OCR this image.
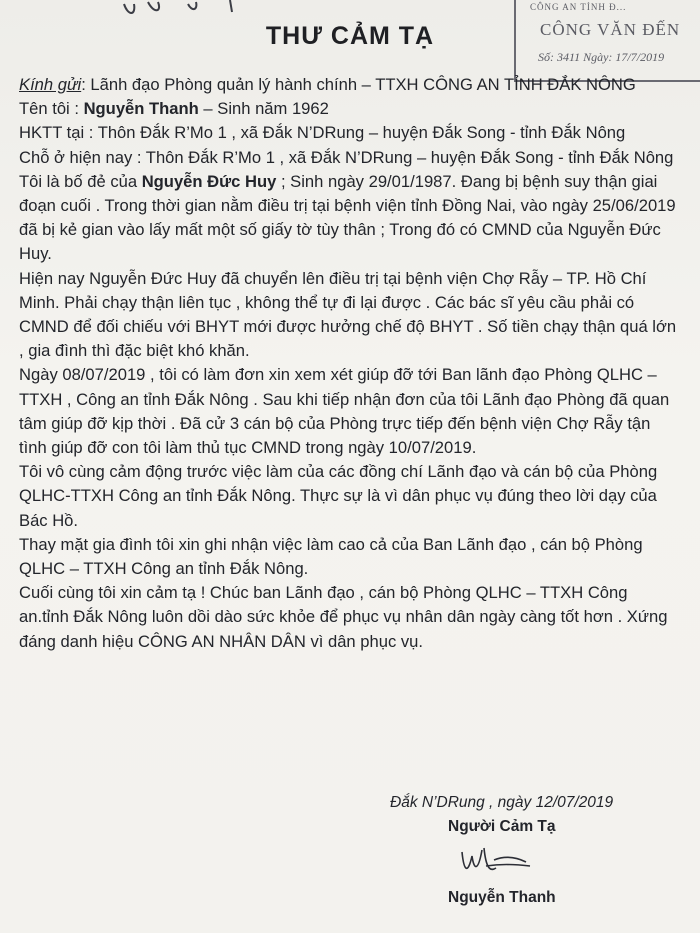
CÔNG AN TỈNH Đ...
CÔNG VĂN ĐẾN
Số: 3411 Ngày: 17/7/2019
THƯ CẢM TẠ

Kính gửi: Lãnh đạo Phòng quản lý hành chính – TTXH CÔNG AN TỈNH ĐẮK NÔNG

Tên tôi : Nguyễn Thanh – Sinh năm 1962

HKTT tại : Thôn Đắk R’Mo 1 , xã Đắk N’DRung – huyện Đắk Song - tỉnh Đắk Nông

Chỗ ở hiện nay : Thôn Đắk R’Mo 1 , xã Đắk N’DRung – huyện Đắk Song - tỉnh Đắk Nông

Tôi là bố đẻ của Nguyễn Đức Huy ; Sinh ngày 29/01/1987. Đang bị bệnh suy thận giai đoạn cuối . Trong thời gian nằm điều trị tại bệnh viện tỉnh Đồng Nai, vào ngày 25/06/2019 đã bị kẻ gian vào lấy mất một số giấy tờ tùy thân ; Trong đó có CMND của Nguyễn Đức Huy.

Hiện nay Nguyễn Đức Huy đã chuyển lên điều trị tại bệnh viện Chợ Rẫy – TP. Hồ Chí Minh. Phải chạy thận liên tục , không thể tự đi lại được . Các bác sĩ yêu cầu phải có CMND để đối chiếu với BHYT mới được hưởng chế độ BHYT . Số tiền chạy thận quá lớn , gia đình thì đặc biệt khó khăn.

Ngày 08/07/2019 , tôi có làm đơn xin xem xét giúp đỡ tới Ban lãnh đạo Phòng QLHC – TTXH , Công an tỉnh Đắk Nông . Sau khi tiếp nhận đơn của tôi Lãnh đạo Phòng đã quan tâm giúp đỡ kịp thời . Đã cử 3 cán bộ của Phòng trực tiếp đến bệnh viện Chợ Rẫy tận tình giúp đỡ con tôi làm thủ tục CMND trong ngày 10/07/2019.

Tôi vô cùng cảm động trước việc làm của các đồng chí Lãnh đạo và cán bộ của Phòng QLHC-TTXH Công an tỉnh Đắk Nông. Thực sự là vì dân phục vụ đúng theo lời dạy của Bác Hồ.

Thay mặt gia đình tôi xin ghi nhận việc làm cao cả của Ban Lãnh đạo , cán bộ Phòng QLHC – TTXH Công an tỉnh Đắk Nông.

Cuối cùng tôi xin cảm tạ ! Chúc ban Lãnh đạo , cán bộ Phòng QLHC – TTXH Công an.tỉnh Đắk Nông luôn dồi dào sức khỏe để phục vụ nhân dân ngày càng tốt hơn . Xứng đáng danh hiệu CÔNG AN NHÂN DÂN vì dân phục vụ.

Đắk N’DRung , ngày 12/07/2019
Người Cảm Tạ
Nguyễn Thanh
